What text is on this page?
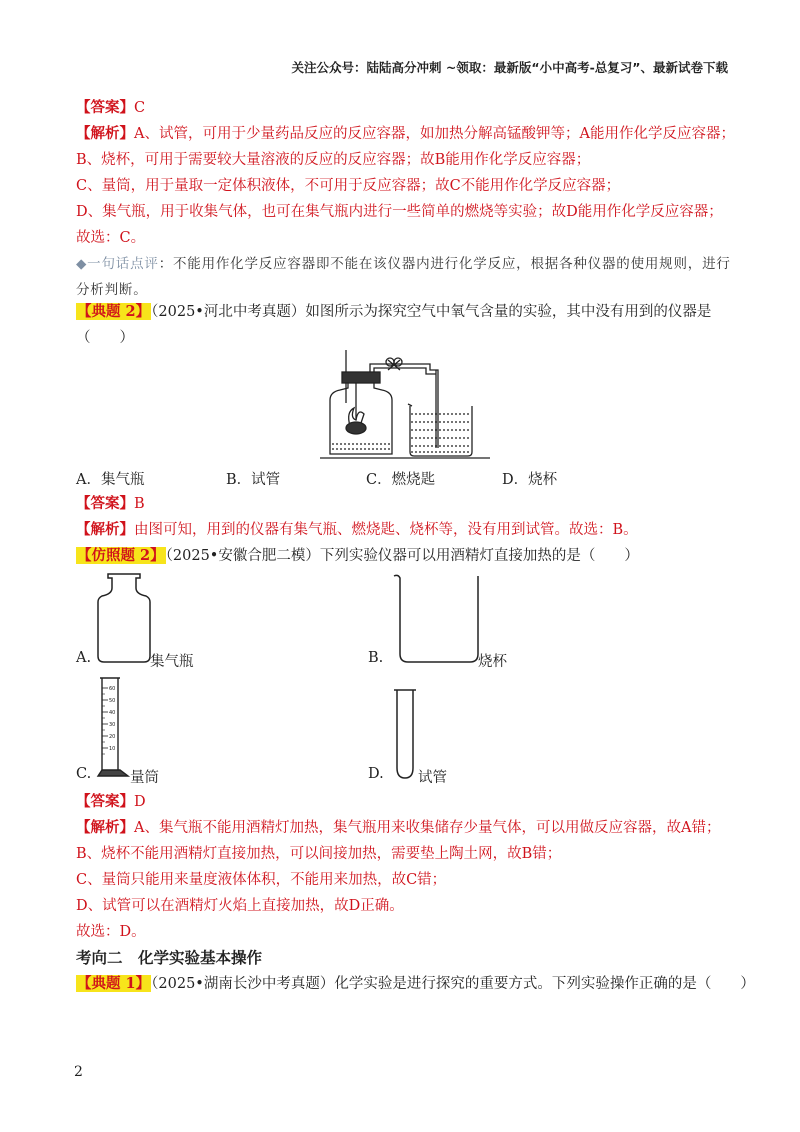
关注公众号：陆陆高分冲刺 ~领取：最新版“小中高考-总复习”、最新试卷下载
【答案】C
【解析】A、试管，可用于少量药品反应的反应容器，如加热分解高锰酸钾等；A能用作化学反应容器；
B、烧杯，可用于需要较大量溶液的反应的反应容器；故B能用作化学反应容器；
C、量筒，用于量取一定体积液体，不可用于反应容器；故C不能用作化学反应容器；
D、集气瓶，用于收集气体，也可在集气瓶内进行一些简单的燃烧等实验；故D能用作化学反应容器；
故选：C。
◆一句话点评：不能用作化学反应容器即不能在该仪器内进行化学反应，根据各种仪器的使用规则，进行
分析判断。
【典题 2】（2025•河北中考真题）如图所示为探究空气中氧气含量的实验，其中没有用到的仪器是
（　　）
A．集气瓶	B．试管	C．燃烧匙	D．烧杯
【答案】B
【解析】由图可知，用到的仪器有集气瓶、燃烧匙、烧杯等，没有用到试管。故选：B。
【仿照题 2】（2025•安徽合肥二模）下列实验仪器可以用酒精灯直接加热的是（　　）
A.	集气瓶	B.	烧杯
60
50
40
30
20
10
C.	量筒	D. 试管
【答案】D
【解析】A、集气瓶不能用酒精灯加热，集气瓶用来收集储存少量气体，可以用做反应容器，故A错；
B、烧杯不能用酒精灯直接加热，可以间接加热，需要垫上陶土网，故B错；
C、量筒只能用来量度液体体积，不能用来加热，故C错；
D、试管可以在酒精灯火焰上直接加热，故D正确。
故选：D。
考向二　化学实验基本操作
【典题 1】（2025•湖南长沙中考真题）化学实验是进行探究的重要方式。下列实验操作正确的是（　　）
2
